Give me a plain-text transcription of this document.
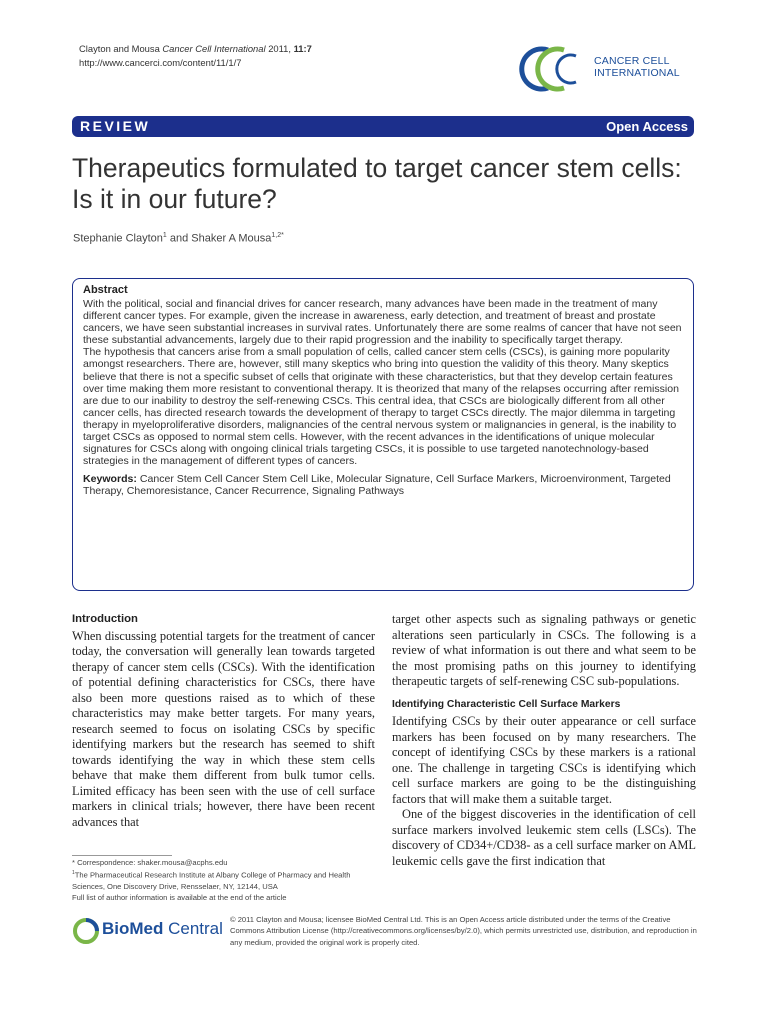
Clayton and Mousa Cancer Cell International 2011, 11:7
http://www.cancerci.com/content/11/1/7	CANCER CELL
INTERNATIONAL
REVIEW	Open Access
Therapeutics formulated to target cancer stem cells: Is it in our future?
Stephanie Clayton$^1$ and Shaker A Mousa$^{1,2*}$
Abstract

With the political, social and financial drives for cancer research, many advances have been made in the treatment of many different cancer types. For example, given the increase in awareness, early detection, and treatment of breast and prostate cancers, we have seen substantial increases in survival rates. Unfortunately there are some realms of cancer that have not seen these substantial advancements, largely due to their rapid progression and the inability to specifically target therapy.

The hypothesis that cancers arise from a small population of cells, called cancer stem cells (CSCs), is gaining more popularity amongst researchers. There are, however, still many skeptics who bring into question the validity of this theory. Many skeptics believe that there is not a specific subset of cells that originate with these characteristics, but that they develop certain features over time making them more resistant to conventional therapy. It is theorized that many of the relapses occurring after remission are due to our inability to destroy the self-renewing CSCs. This central idea, that CSCs are biologically different from all other cancer cells, has directed research towards the development of therapy to target CSCs directly. The major dilemma in targeting therapy in myeloproliferative disorders, malignancies of the central nervous system or malignancies in general, is the inability to target CSCs as opposed to normal stem cells. However, with the recent advances in the identifications of unique molecular signatures for CSCs along with ongoing clinical trials targeting CSCs, it is possible to use targeted nanotechnology-based strategies in the management of different types of cancers.

Keywords: Cancer Stem Cell Cancer Stem Cell Like, Molecular Signature, Cell Surface Markers, Microenvironment, Targeted Therapy, Chemoresistance, Cancer Recurrence, Signaling Pathways

Introduction

When discussing potential targets for the treatment of cancer today, the conversation will generally lean towards targeted therapy of cancer stem cells (CSCs). With the identification of potential defining characteristics for CSCs, there have also been more questions raised as to which of these characteristics may make better targets. For many years, research seemed to focus on isolating CSCs by specific identifying markers but the research has seemed to shift towards identifying the way in which these stem cells behave that make them different from bulk tumor cells. Limited efficacy has been seen with the use of cell surface markers in clinical trials; however, there have been recent advances that

target other aspects such as signaling pathways or genetic alterations seen particularly in CSCs. The following is a review of what information is out there and what seem to be the most promising paths on this journey to identifying therapeutic targets of self-renewing CSC sub-populations.

Identifying Characteristic Cell Surface Markers

Identifying CSCs by their outer appearance or cell surface markers has been focused on by many researchers. The concept of identifying CSCs by these markers is a rational one. The challenge in targeting CSCs is identifying which cell surface markers are going to be the distinguishing factors that will make them a suitable target.

One of the biggest discoveries in the identification of cell surface markers involved leukemic stem cells (LSCs). The discovery of CD34+/CD38- as a cell surface marker on AML leukemic cells gave the first indication that

* Correspondence: shaker.mousa@acphs.edu
$^1$The Pharmaceutical Research Institute at Albany College of Pharmacy and Health Sciences, One Discovery Drive, Rensselaer, NY, 12144, USA
Full list of author information is available at the end of the article
BioMed Central © 2011 Clayton and Mousa; licensee BioMed Central Ltd. This is an Open Access article distributed under the terms of the Creative Commons Attribution License (http://creativecommons.org/licenses/by/2.0), which permits unrestricted use, distribution, and reproduction in any medium, provided the original work is properly cited.
